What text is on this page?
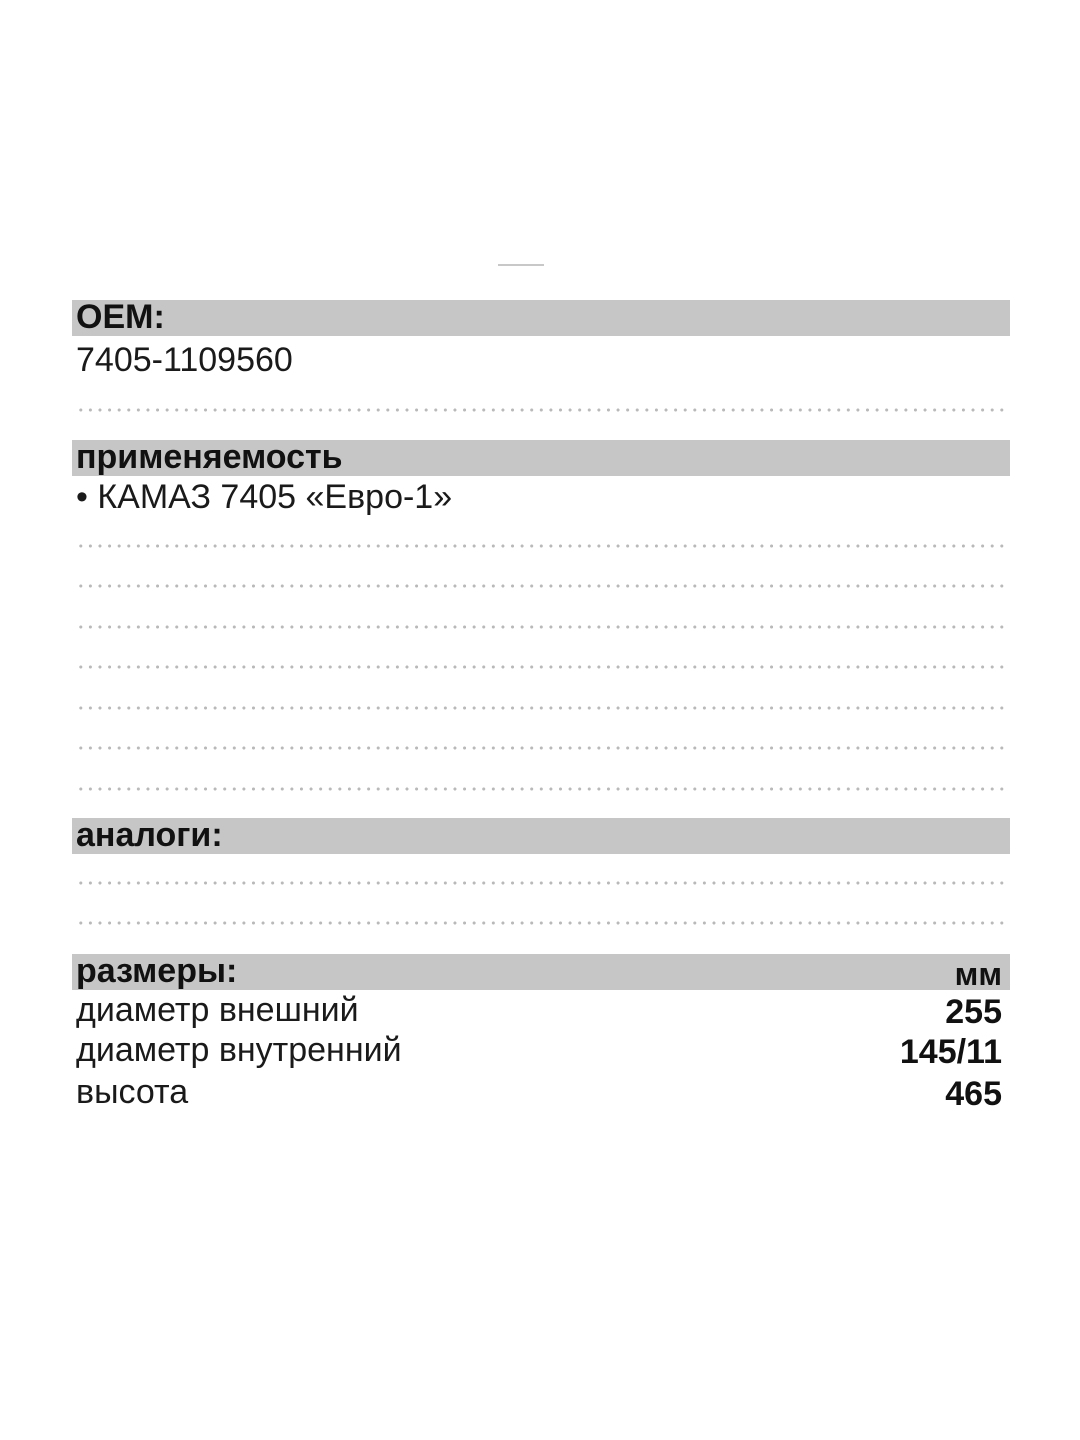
OEM:
7405-1109560
применяемость
• КАМАЗ 7405 «Евро-1»
аналоги:
размеры:	мм
диаметр внешний	255
диаметр внутренний	145/11
высота	465
